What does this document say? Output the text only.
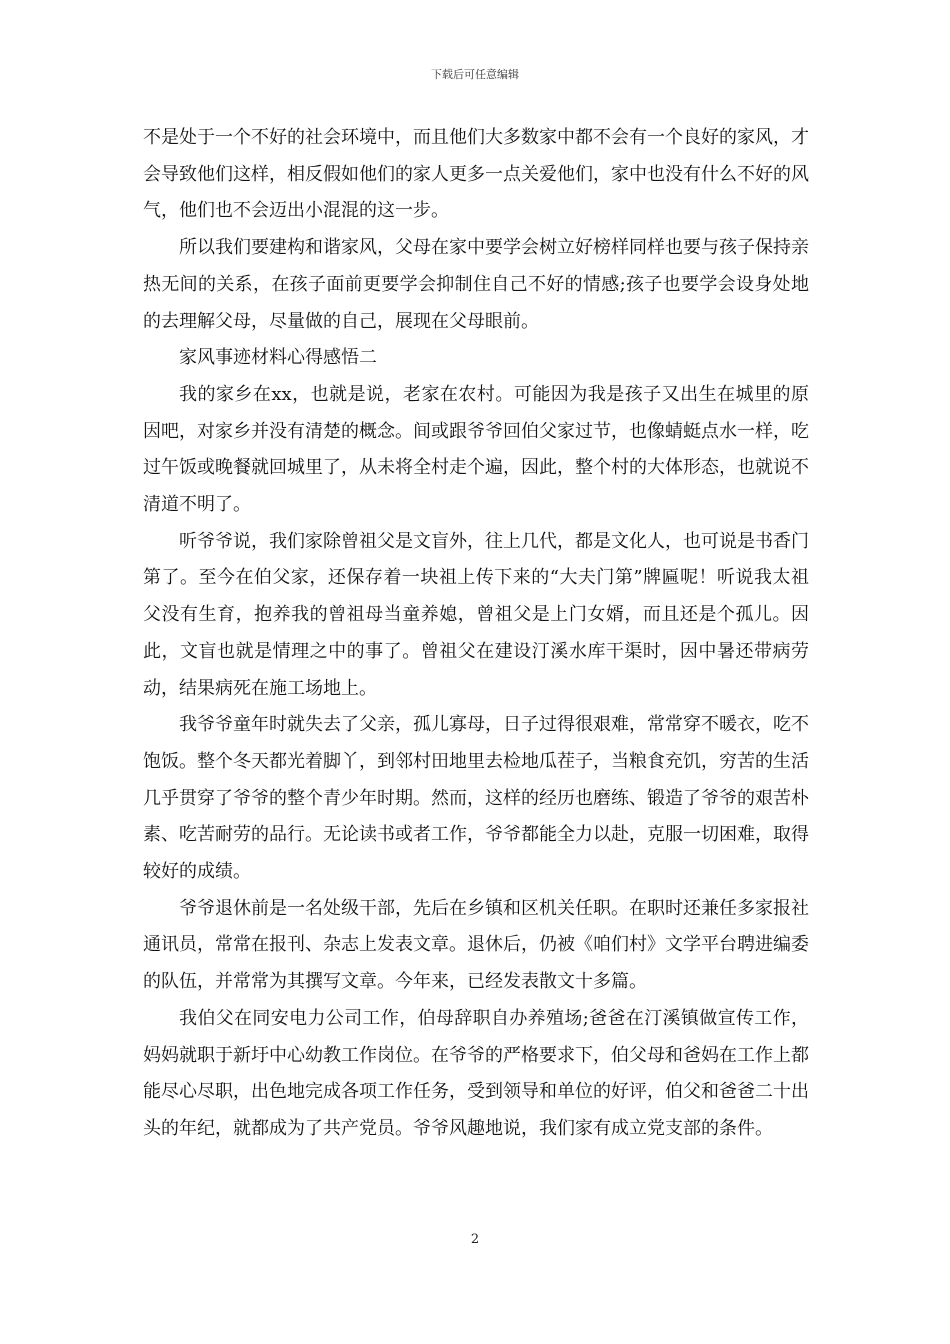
下载后可任意编辑

不是处于一个不好的社会环境中，而且他们大多数家中都不会有一个良好的家风，才会导致他们这样，相反假如他们的家人更多一点关爱他们，家中也没有什么不好的风气，他们也不会迈出小混混的这一步。

所以我们要建构和谐家风，父母在家中要学会树立好榜样同样也要与孩子保持亲热无间的关系，在孩子面前更要学会抑制住自己不好的情感;孩子也要学会设身处地的去理解父母，尽量做的自己，展现在父母眼前。

家风事迹材料心得感悟二

我的家乡在xx，也就是说，老家在农村。可能因为我是孩子又出生在城里的原因吧，对家乡并没有清楚的概念。间或跟爷爷回伯父家过节，也像蜻蜓点水一样，吃过午饭或晚餐就回城里了，从未将全村走个遍，因此，整个村的大体形态，也就说不清道不明了。

听爷爷说，我们家除曾祖父是文盲外，往上几代，都是文化人，也可说是书香门第了。至今在伯父家，还保存着一块祖上传下来的“大夫门第”牌匾呢！听说我太祖父没有生育，抱养我的曾祖母当童养媳，曾祖父是上门女婿，而且还是个孤儿。因此，文盲也就是情理之中的事了。曾祖父在建设汀溪水库干渠时，因中暑还带病劳动，结果病死在施工场地上。

我爷爷童年时就失去了父亲，孤儿寡母，日子过得很艰难，常常穿不暖衣，吃不饱饭。整个冬天都光着脚丫，到邻村田地里去检地瓜茬子，当粮食充饥，穷苦的生活几乎贯穿了爷爷的整个青少年时期。然而，这样的经历也磨练、锻造了爷爷的艰苦朴素、吃苦耐劳的品行。无论读书或者工作，爷爷都能全力以赴，克服一切困难，取得较好的成绩。

爷爷退休前是一名处级干部，先后在乡镇和区机关任职。在职时还兼任多家报社通讯员，常常在报刊、杂志上发表文章。退休后，仍被《咱们村》文学平台聘进编委的队伍，并常常为其撰写文章。今年来，已经发表散文十多篇。

我伯父在同安电力公司工作，伯母辞职自办养殖场;爸爸在汀溪镇做宣传工作，妈妈就职于新圩中心幼教工作岗位。在爷爷的严格要求下，伯父母和爸妈在工作上都能尽心尽职，出色地完成各项工作任务，受到领导和单位的好评，伯父和爸爸二十出头的年纪，就都成为了共产党员。爷爷风趣地说，我们家有成立党支部的条件。

2
